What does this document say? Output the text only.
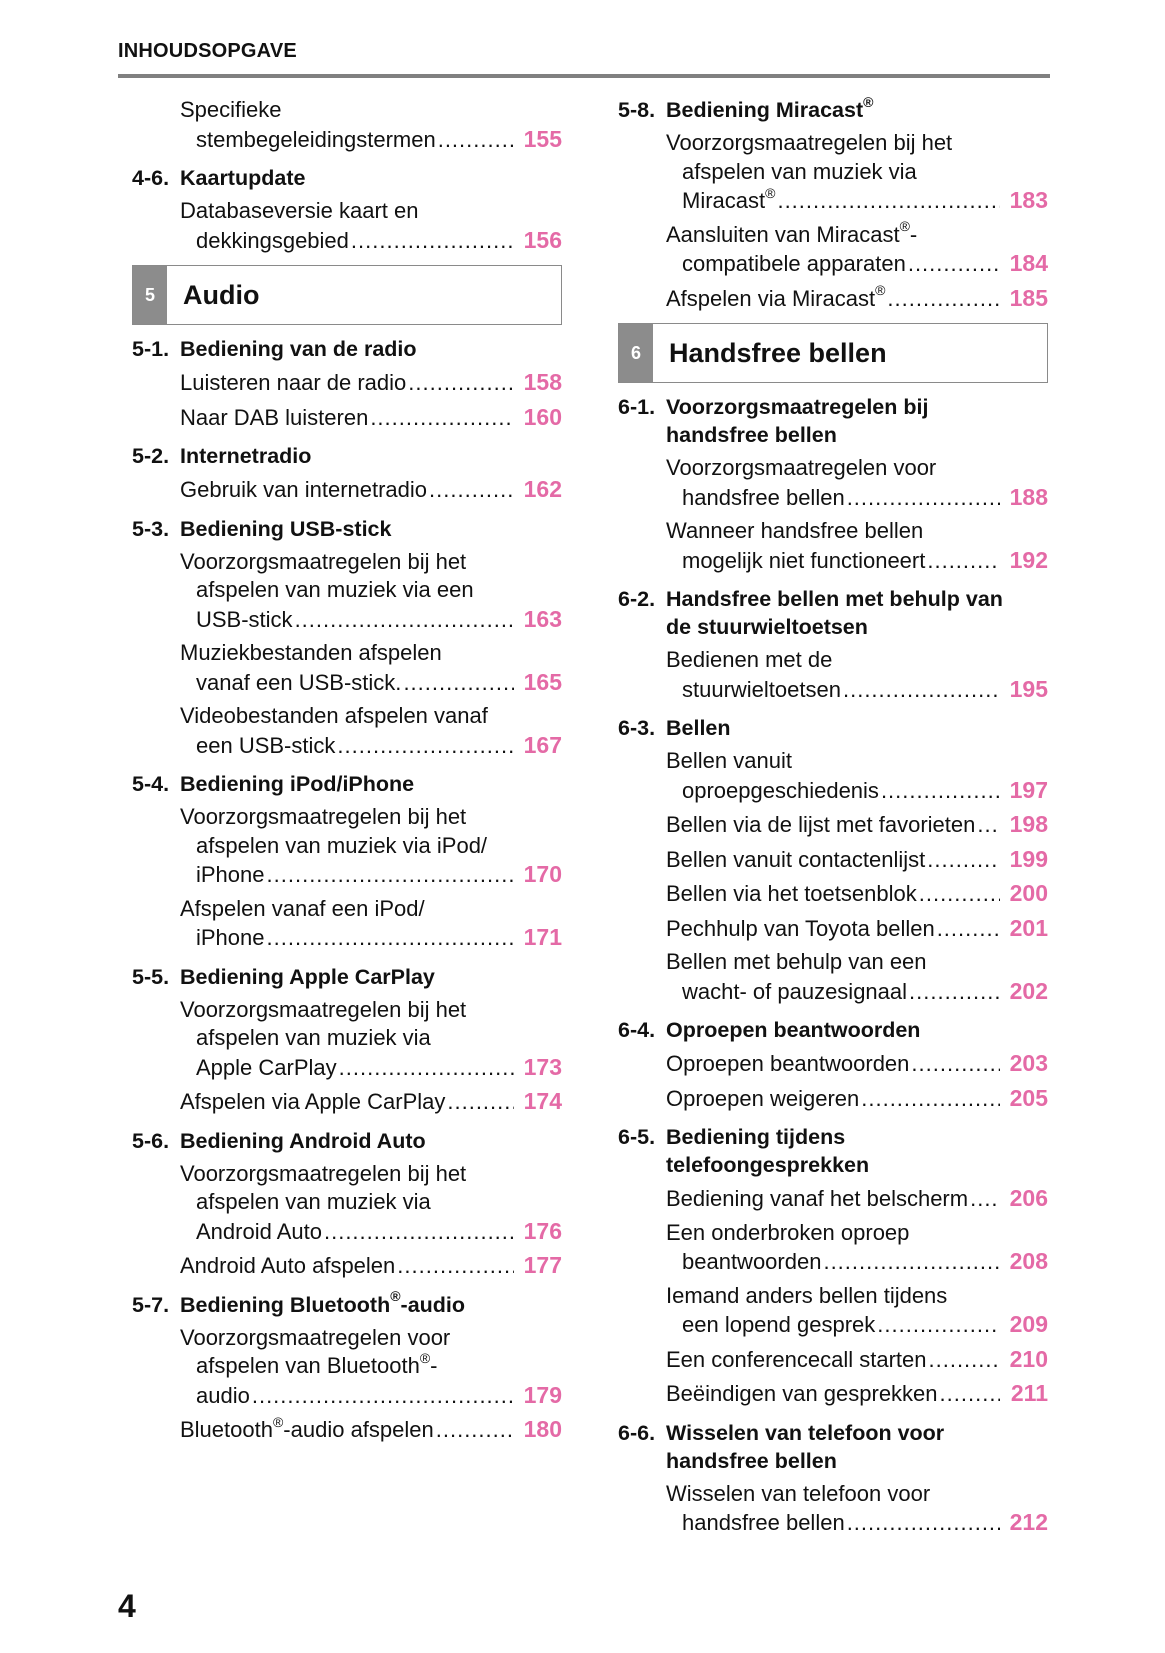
INHOUDSOPGAVE
Specifieke
stembegeleidingstermen .....	155
4-6. Kaartupdate
Databaseversie kaart en
dekkingsgebied .....	156
5	Audio
5-1. Bediening van de radio
Luisteren naar de radio .....	158
Naar DAB luisteren .....	160
5-2. Internetradio
Gebruik van internetradio .....	162
5-3. Bediening USB-stick
Voorzorgsmaatregelen bij het
afspelen van muziek via een
USB-stick .....	163
Muziekbestanden afspelen
vanaf een USB-stick. .....	165
Videobestanden afspelen vanaf
een USB-stick .....	167
5-4. Bediening iPod/iPhone
Voorzorgsmaatregelen bij het
afspelen van muziek via iPod/
iPhone .....	170
Afspelen vanaf een iPod/
iPhone .....	171
5-5. Bediening Apple CarPlay
Voorzorgsmaatregelen bij het
afspelen van muziek via
Apple CarPlay .....	173
Afspelen via Apple CarPlay .....	174
5-6. Bediening Android Auto
Voorzorgsmaatregelen bij het
afspelen van muziek via
Android Auto .....	176
Android Auto afspelen .....	177
5-7. Bediening Bluetooth®-audio
Voorzorgsmaatregelen voor
afspelen van Bluetooth®-
audio .....	179
Bluetooth®-audio afspelen .....	180
5-8. Bediening Miracast®
Voorzorgsmaatregelen bij het
afspelen van muziek via
Miracast® .....	183
Aansluiten van Miracast®-
compatibele apparaten .....	184
Afspelen via Miracast® .....	185
6	Handsfree bellen
6-1. Voorzorgsmaatregelen bij
handsfree bellen
Voorzorgsmaatregelen voor
handsfree bellen .....	188
Wanneer handsfree bellen
mogelijk niet functioneert .....	192
6-2. Handsfree bellen met behulp van
de stuurwieltoetsen
Bedienen met de
stuurwieltoetsen .....	195
6-3. Bellen
Bellen vanuit
oproepgeschiedenis .....	197
Bellen via de lijst met favorieten .....	198
Bellen vanuit contactenlijst .....	199
Bellen via het toetsenblok .....	200
Pechhulp van Toyota bellen .....	201
Bellen met behulp van een
wacht- of pauzesignaal .....	202
6-4. Oproepen beantwoorden
Oproepen beantwoorden .....	203
Oproepen weigeren .....	205
6-5. Bediening tijdens
telefoongesprekken
Bediening vanaf het belscherm .....	206
Een onderbroken oproep
beantwoorden .....	208
Iemand anders bellen tijdens
een lopend gesprek .....	209
Een conferencecall starten .....	210
Beëindigen van gesprekken .....	211
6-6. Wisselen van telefoon voor
handsfree bellen
Wisselen van telefoon voor
handsfree bellen .....	212
4
